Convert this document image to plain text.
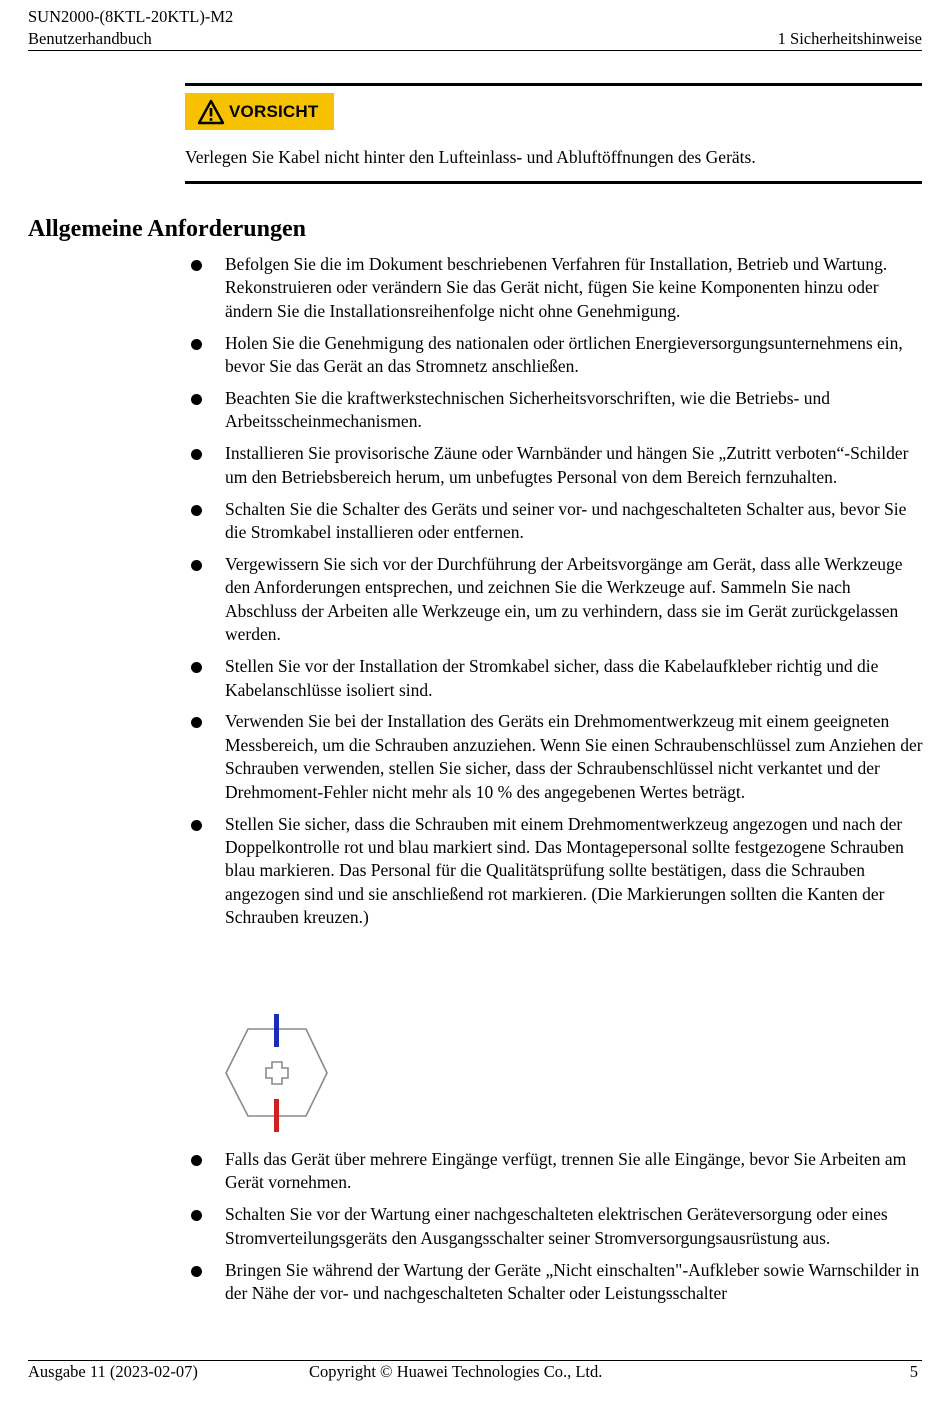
SUN2000-(8KTL-20KTL)-M2
Benutzerhandbuch	1 Sicherheitshinweise
VORSICHT
Verlegen Sie Kabel nicht hinter den Lufteinlass- und Abluftöffnungen des Geräts.
Allgemeine Anforderungen
Befolgen Sie die im Dokument beschriebenen Verfahren für Installation, Betrieb und Wartung. Rekonstruieren oder verändern Sie das Gerät nicht, fügen Sie keine Komponenten hinzu oder ändern Sie die Installationsreihenfolge nicht ohne Genehmigung.
Holen Sie die Genehmigung des nationalen oder örtlichen Energieversorgungsunternehmens ein, bevor Sie das Gerät an das Stromnetz anschließen.
Beachten Sie die kraftwerkstechnischen Sicherheitsvorschriften, wie die Betriebs- und Arbeitsscheinmechanismen.
Installieren Sie provisorische Zäune oder Warnbänder und hängen Sie „Zutritt verboten“-Schilder um den Betriebsbereich herum, um unbefugtes Personal von dem Bereich fernzuhalten.
Schalten Sie die Schalter des Geräts und seiner vor- und nachgeschalteten Schalter aus, bevor Sie die Stromkabel installieren oder entfernen.
Vergewissern Sie sich vor der Durchführung der Arbeitsvorgänge am Gerät, dass alle Werkzeuge den Anforderungen entsprechen, und zeichnen Sie die Werkzeuge auf. Sammeln Sie nach Abschluss der Arbeiten alle Werkzeuge ein, um zu verhindern, dass sie im Gerät zurückgelassen werden.
Stellen Sie vor der Installation der Stromkabel sicher, dass die Kabelaufkleber richtig und die Kabelanschlüsse isoliert sind.
Verwenden Sie bei der Installation des Geräts ein Drehmomentwerkzeug mit einem geeigneten Messbereich, um die Schrauben anzuziehen. Wenn Sie einen Schraubenschlüssel zum Anziehen der Schrauben verwenden, stellen Sie sicher, dass der Schraubenschlüssel nicht verkantet und der Drehmoment-Fehler nicht mehr als 10 % des angegebenen Wertes beträgt.
Stellen Sie sicher, dass die Schrauben mit einem Drehmomentwerkzeug angezogen und nach der Doppelkontrolle rot und blau markiert sind. Das Montagepersonal sollte festgezogene Schrauben blau markieren. Das Personal für die Qualitätsprüfung sollte bestätigen, dass die Schrauben angezogen sind und sie anschließend rot markieren. (Die Markierungen sollten die Kanten der Schrauben kreuzen.)
Falls das Gerät über mehrere Eingänge verfügt, trennen Sie alle Eingänge, bevor Sie Arbeiten am Gerät vornehmen.
Schalten Sie vor der Wartung einer nachgeschalteten elektrischen Geräteversorgung oder eines Stromverteilungsgeräts den Ausgangsschalter seiner Stromversorgungsausrüstung aus.
Bringen Sie während der Wartung der Geräte „Nicht einschalten"-Aufkleber sowie Warnschilder in der Nähe der vor- und nachgeschalteten Schalter oder Leistungsschalter
Ausgabe 11 (2023-02-07)	Copyright © Huawei Technologies Co., Ltd.	5
